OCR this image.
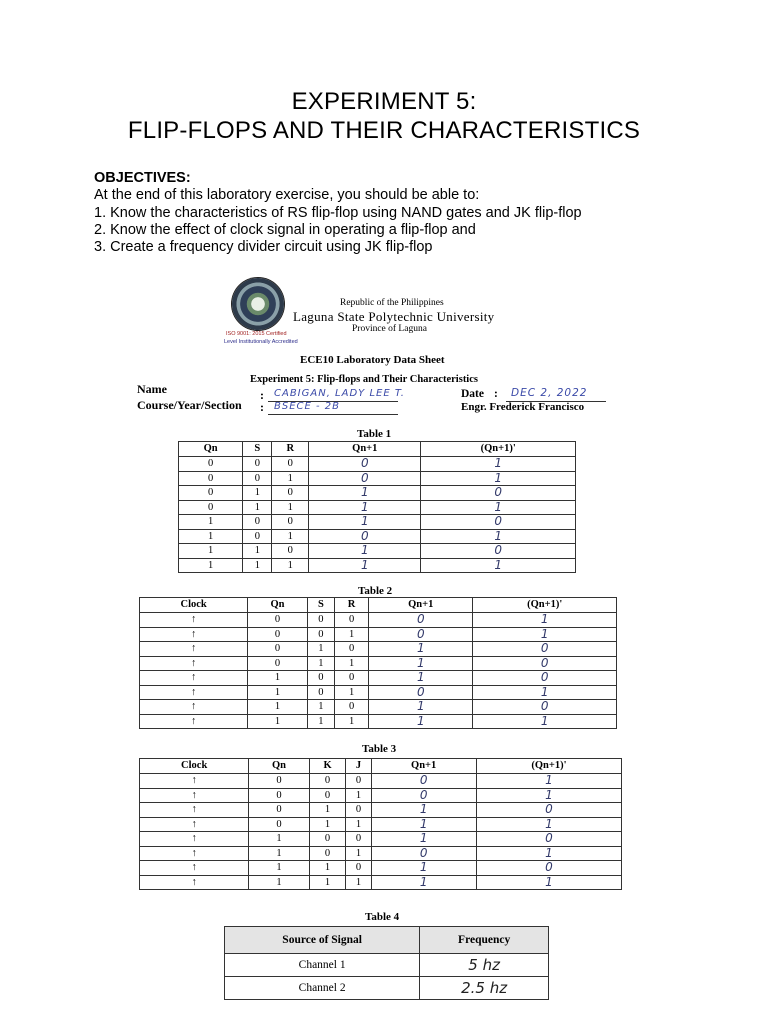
EXPERIMENT 5:
FLIP-FLOPS AND THEIR CHARACTERISTICS
OBJECTIVES:
At the end of this laboratory exercise, you should be able to:
1. Know the characteristics of RS flip-flop using NAND gates and JK flip-flop
2. Know the effect of clock signal in operating a flip-flop and
3. Create a frequency divider circuit using JK flip-flop
Republic of the Philippines
Laguna State Polytechnic University
Province of Laguna
ISO 9001: 2015 Certified
Level Institutionally Accredited
ECE10 Laboratory Data Sheet
Experiment 5: Flip-flops and Their Characteristics
Name
Course/Year/Section
:
:
CABIGAN, LADY LEE T.
BSECE - 2B
Date : DEC 2, 2022
Engr. Frederick Francisco
Table 1
Qn	S	R	Qn+1	(Qn+1)'
0	0	0	0	1
0	0	1	0	1
0	1	0	1	0
0	1	1	1	1
1	0	0	1	0
1	0	1	0	1
1	1	0	1	0
1	1	1	1	1
Table 2
Clock	Qn	S	R	Qn+1	(Qn+1)'
↑	0	0	0	0	1
↑	0	0	1	0	1
↑	0	1	0	1	0
↑	0	1	1	1	0
↑	1	0	0	1	0
↑	1	0	1	0	1
↑	1	1	0	1	0
↑	1	1	1	1	1
Table 3
Clock	Qn	K	J	Qn+1	(Qn+1)'
↑	0	0	0	0	1
↑	0	0	1	0	1
↑	0	1	0	1	0
↑	0	1	1	1	1
↑	1	0	0	1	0
↑	1	0	1	0	1
↑	1	1	0	1	0
↑	1	1	1	1	1
Table 4
Source of Signal	Frequency
Channel 1	5 hz
Channel 2	2.5 hz
